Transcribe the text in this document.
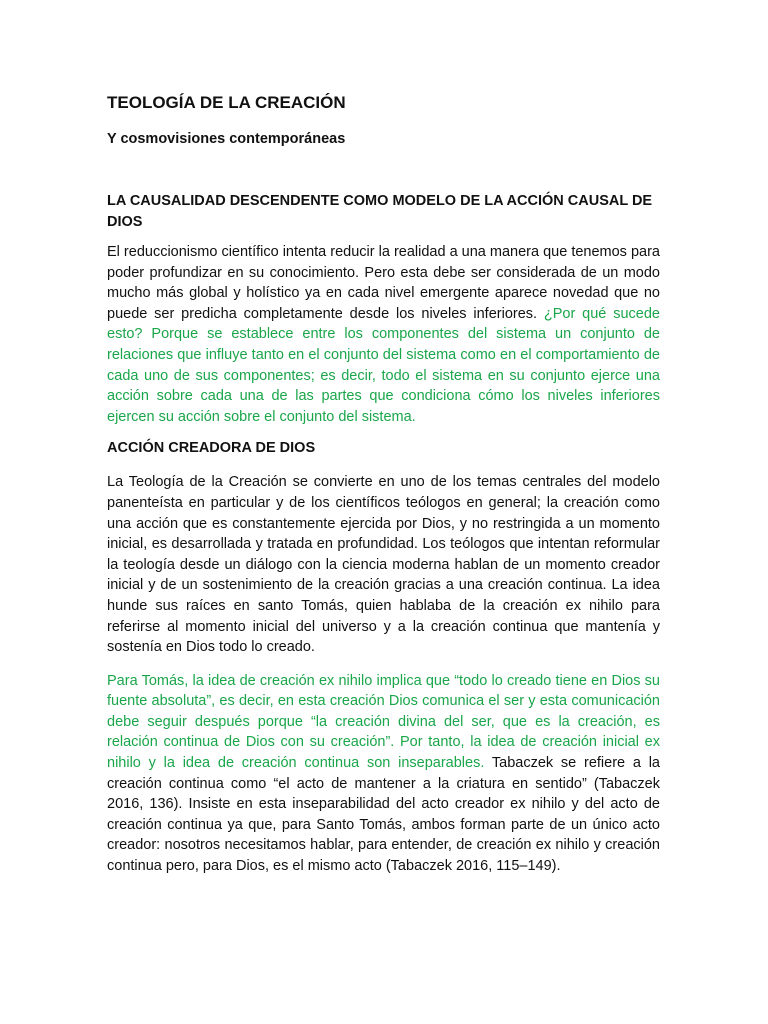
TEOLOGÍA DE LA CREACIÓN
Y cosmovisiones contemporáneas
LA CAUSALIDAD DESCENDENTE COMO MODELO DE LA ACCIÓN CAUSAL DE DIOS

El reduccionismo científico intenta reducir la realidad a una manera que tenemos para poder profundizar en su conocimiento. Pero esta debe ser considerada de un modo mucho más global y holístico ya en cada nivel emergente aparece novedad que no puede ser predicha completamente desde los niveles inferiores. ¿Por qué sucede esto? Porque se establece entre los componentes del sistema un conjunto de relaciones que influye tanto en el conjunto del sistema como en el comportamiento de cada uno de sus componentes; es decir, todo el sistema en su conjunto ejerce una acción sobre cada una de las partes que condiciona cómo los niveles inferiores ejercen su acción sobre el conjunto del sistema.

ACCIÓN CREADORA DE DIOS

La Teología de la Creación se convierte en uno de los temas centrales del modelo panenteísta en particular y de los científicos teólogos en general; la creación como una acción que es constantemente ejercida por Dios, y no restringida a un momento inicial, es desarrollada y tratada en profundidad. Los teólogos que intentan reformular la teología desde un diálogo con la ciencia moderna hablan de un momento creador inicial y de un sostenimiento de la creación gracias a una creación continua. La idea hunde sus raíces en santo Tomás, quien hablaba de la creación ex nihilo para referirse al momento inicial del universo y a la creación continua que mantenía y sostenía en Dios todo lo creado.

Para Tomás, la idea de creación ex nihilo implica que “todo lo creado tiene en Dios su fuente absoluta”, es decir, en esta creación Dios comunica el ser y esta comunicación debe seguir después porque “la creación divina del ser, que es la creación, es relación continua de Dios con su creación”. Por tanto, la idea de creación inicial ex nihilo y la idea de creación continua son inseparables. Tabaczek se refiere a la creación continua como “el acto de mantener a la criatura en sentido” (Tabaczek 2016, 136). Insiste en esta inseparabilidad del acto creador ex nihilo y del acto de creación continua ya que, para Santo Tomás, ambos forman parte de un único acto creador: nosotros necesitamos hablar, para entender, de creación ex nihilo y creación continua pero, para Dios, es el mismo acto (Tabaczek 2016, 115–149).
